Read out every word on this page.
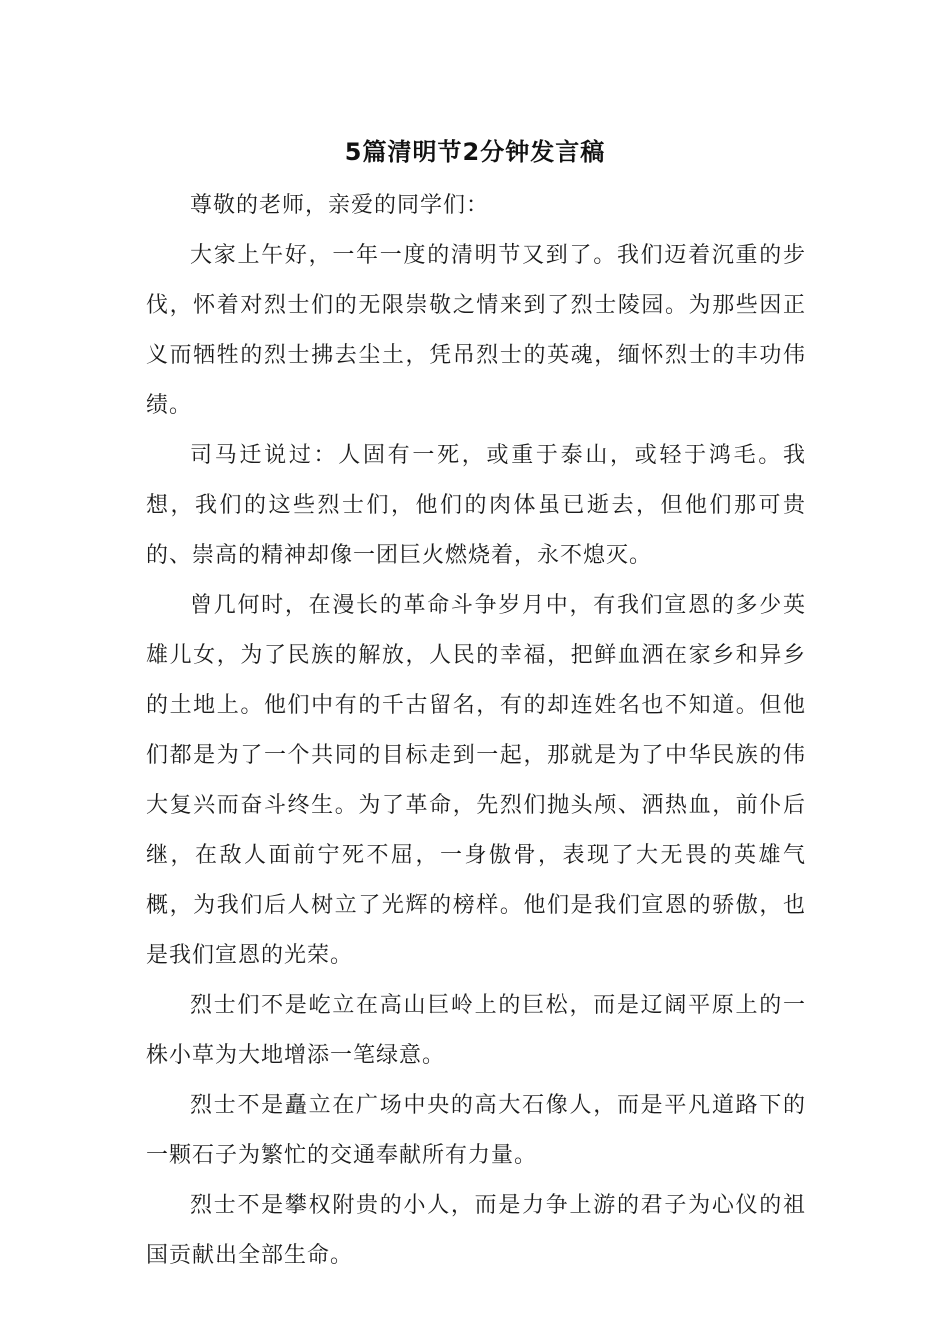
5篇清明节2分钟发言稿

尊敬的老师，亲爱的同学们：

大家上午好，一年一度的清明节又到了。我们迈着沉重的步伐，怀着对烈士们的无限崇敬之情来到了烈士陵园。为那些因正义而牺牲的烈士拂去尘土，凭吊烈士的英魂，缅怀烈士的丰功伟绩。

司马迁说过：人固有一死，或重于泰山，或轻于鸿毛。我想，我们的这些烈士们，他们的肉体虽已逝去，但他们那可贵的、崇高的精神却像一团巨火燃烧着，永不熄灭。

曾几何时，在漫长的革命斗争岁月中，有我们宣恩的多少英雄儿女，为了民族的解放，人民的幸福，把鲜血洒在家乡和异乡的土地上。他们中有的千古留名，有的却连姓名也不知道。但他们都是为了一个共同的目标走到一起，那就是为了中华民族的伟大复兴而奋斗终生。为了革命，先烈们抛头颅、洒热血，前仆后继，在敌人面前宁死不屈，一身傲骨，表现了大无畏的英雄气概，为我们后人树立了光辉的榜样。他们是我们宣恩的骄傲，也是我们宣恩的光荣。

烈士们不是屹立在高山巨岭上的巨松，而是辽阔平原上的一株小草为大地增添一笔绿意。

烈士不是矗立在广场中央的高大石像人，而是平凡道路下的一颗石子为繁忙的交通奉献所有力量。

烈士不是攀权附贵的小人，而是力争上游的君子为心仪的祖国贡献出全部生命。
